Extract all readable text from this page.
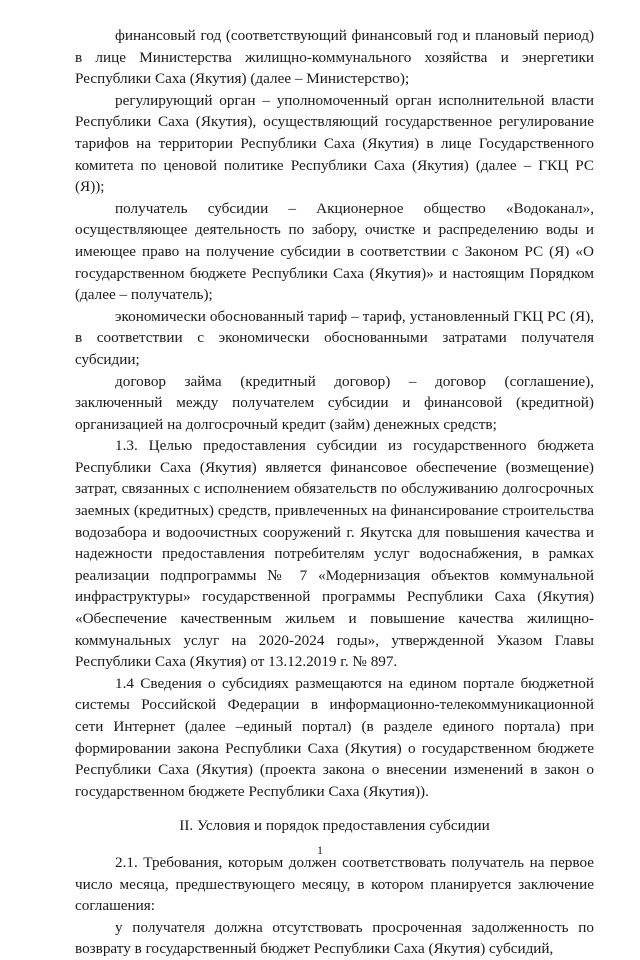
финансовый год (соответствующий финансовый год и плановый период) в лице Министерства жилищно-коммунального хозяйства и энергетики Республики Саха (Якутия) (далее – Министерство);

регулирующий орган – уполномоченный орган исполнительной власти Республики Саха (Якутия), осуществляющий государственное регулирование тарифов на территории Республики Саха (Якутия) в лице Государственного комитета по ценовой политике Республики Саха (Якутия) (далее – ГКЦ РС (Я));

получатель субсидии – Акционерное общество «Водоканал», осуществляющее деятельность по забору, очистке и распределению воды и имеющее право на получение субсидии в соответствии с Законом РС (Я) «О государственном бюджете Республики Саха (Якутия)» и настоящим Порядком (далее – получатель);

экономически обоснованный тариф – тариф, установленный ГКЦ РС (Я), в соответствии с экономически обоснованными затратами получателя субсидии;

договор займа (кредитный договор) – договор (соглашение), заключенный между получателем субсидии и финансовой (кредитной) организацией на долгосрочный кредит (займ) денежных средств;

1.3. Целью предоставления субсидии из государственного бюджета Республики Саха (Якутия) является финансовое обеспечение (возмещение) затрат, связанных с исполнением обязательств по обслуживанию долгосрочных заемных (кредитных) средств, привлеченных на финансирование строительства водозабора и водоочистных сооружений г. Якутска для повышения качества и надежности предоставления потребителям услуг водоснабжения, в рамках реализации подпрограммы № 7 «Модернизация объектов коммунальной инфраструктуры» государственной программы Республики Саха (Якутия) «Обеспечение качественным жильем и повышение качества жилищно-коммунальных услуг на 2020-2024 годы», утвержденной Указом Главы Республики Саха (Якутия) от 13.12.2019 г. № 897.

1.4 Сведения о субсидиях размещаются на едином портале бюджетной системы Российской Федерации в информационно-телекоммуникационной сети Интернет (далее –единый портал) (в разделе единого портала) при формировании закона Республики Саха (Якутия) о государственном бюджете Республики Саха (Якутия) (проекта закона о внесении изменений в закон о государственном бюджете Республики Саха (Якутия)).

II. Условия и порядок предоставления субсидии

2.1. Требования, которым должен соответствовать получатель на первое число месяца, предшествующего месяцу, в котором планируется заключение соглашения:

у получателя должна отсутствовать просроченная задолженность по возврату в государственный бюджет Республики Саха (Якутия) субсидий,

1
